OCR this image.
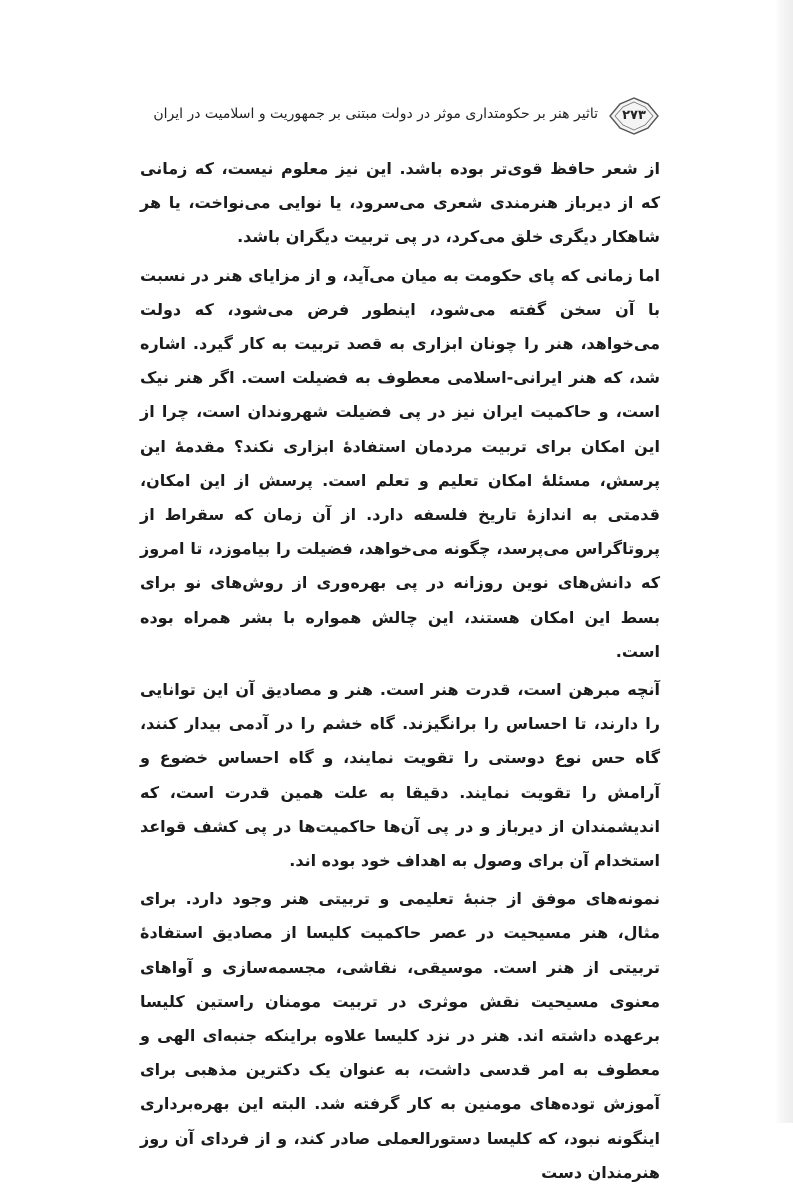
۲۷۳
تاثیر هنر بر حکومتداری موثر در دولت مبتنی بر جمهوریت و اسلامیت در ایران

از شعر حافظ قوی‌تر بوده باشد. این نیز معلوم نیست، که زمانی که از دیرباز هنرمندی شعری می‌سرود، یا نوایی می‌نواخت، یا هر شاهکار دیگری خلق می‌کرد، در پی تربیت دیگران باشد.

اما زمانی که پای حکومت به میان می‌آید، و از مزایای هنر در نسبت با آن سخن گفته می‌شود، اینطور فرض می‌شود، که دولت می‌خواهد، هنر را چونان ابزاری به قصد تربیت به کار گیرد. اشاره شد، که هنر ایرانی-اسلامی معطوف به فضیلت است. اگر هنر نیک است، و حاکمیت ایران نیز در پی فضیلت شهروندان است، چرا از این امکان برای تربیت مردمان استفادهٔ ابزاری نکند؟ مقدمهٔ این پرسش، مسئلهٔ امکان تعلیم و تعلم است. پرسش از این امکان، قدمتی به اندازهٔ تاریخ فلسفه دارد. از آن زمان که سقراط از پروتاگراس می‌پرسد، چگونه می‌خواهد، فضیلت را بیاموزد، تا امروز که دانش‌های نوین روزانه در پی بهره‌وری از روش‌های نو برای بسط این امکان هستند، این چالش همواره با بشر همراه بوده است.

آنچه مبرهن است، قدرت هنر است. هنر و مصادیق آن این توانایی را دارند، تا احساس را برانگیزند. گاه خشم را در آدمی بیدار کنند، گاه حس نوع دوستی را تقویت نمایند، و گاه احساس خضوع و آرامش را تقویت نمایند. دقیقا به علت همین قدرت است، که اندیشمندان از دیرباز و در پی آن‌ها حاکمیت‌ها در پی کشف قواعد استخدام آن برای وصول به اهداف خود بوده اند.

نمونه‌های موفق از جنبهٔ تعلیمی و تربیتی هنر وجود دارد. برای مثال، هنر مسیحیت در عصر حاکمیت کلیسا از مصادیق استفادهٔ تربیتی از هنر است. موسیقی، نقاشی، مجسمه‌سازی و آواهای معنوی مسیحیت نقش موثری در تربیت مومنان راستین کلیسا برعهده داشته اند. هنر در نزد کلیسا علاوه براینکه جنبه‌ای الهی و معطوف به امر قدسی داشت، به عنوان یک دکترین مذهبی برای آموزش توده‌های مومنین به کار گرفته شد. البته این بهره‌برداری اینگونه نبود، که کلیسا دستورالعملی صادر کند، و از فردای آن روز هنرمندان دست
